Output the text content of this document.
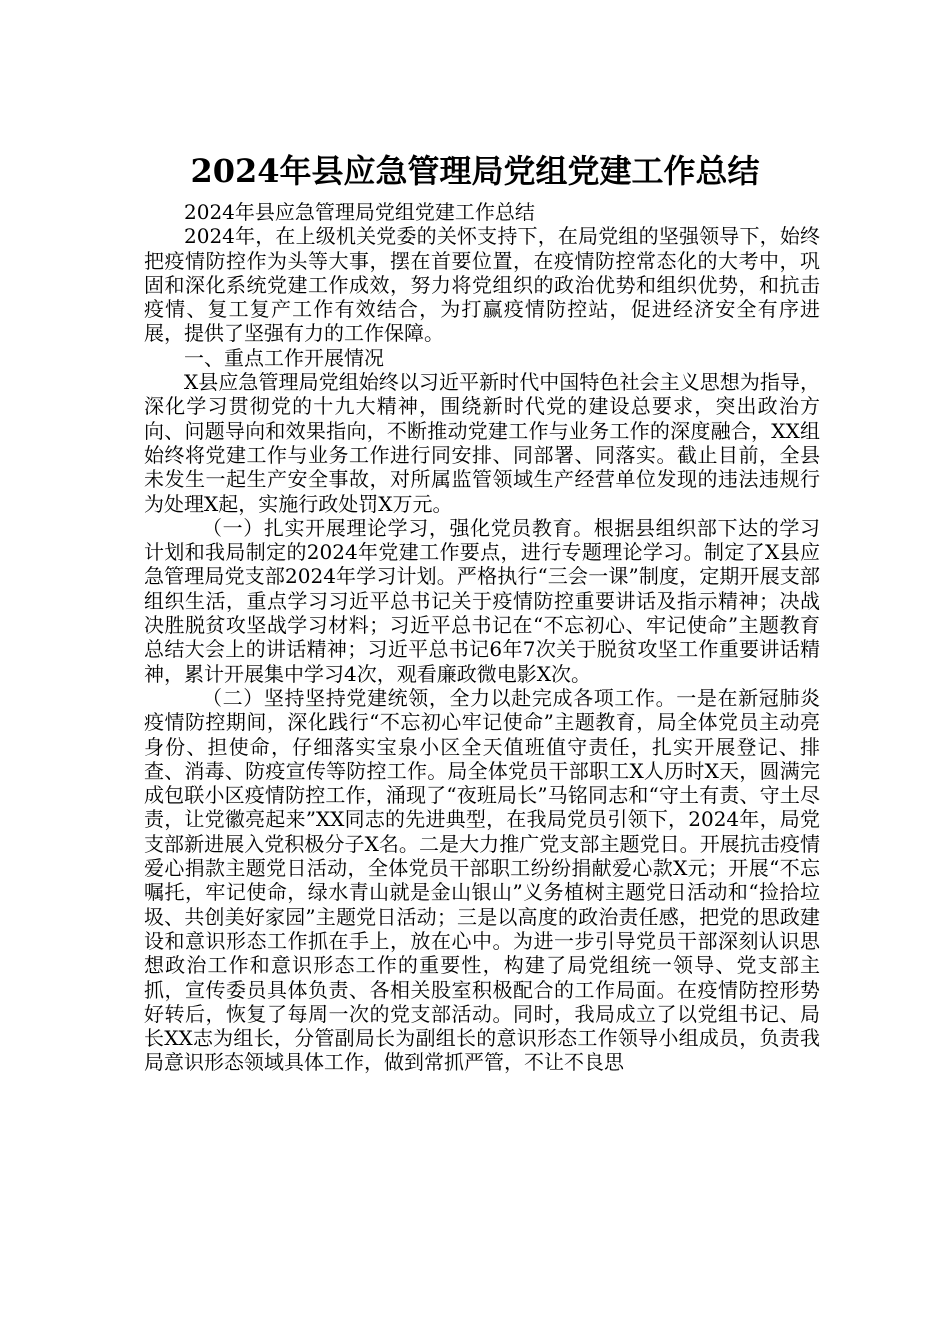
2024年县应急管理局党组党建工作总结

2024年县应急管理局党组党建工作总结

2024年，在上级机关党委的关怀支持下，在局党组的坚强领导下，始终把疫情防控作为头等大事，摆在首要位置，在疫情防控常态化的大考中，巩固和深化系统党建工作成效，努力将党组织的政治优势和组织优势，和抗击疫情、复工复产工作有效结合，为打赢疫情防控站，促进经济安全有序进展，提供了坚强有力的工作保障。

一、重点工作开展情况

X县应急管理局党组始终以习近平新时代中国特色社会主义思想为指导，深化学习贯彻党的十九大精神，围绕新时代党的建设总要求，突出政治方向、问题导向和效果指向，不断推动党建工作与业务工作的深度融合，XX组始终将党建工作与业务工作进行同安排、同部署、同落实。截止目前，全县未发生一起生产安全事故，对所属监管领域生产经营单位发现的违法违规行为处理X起，实施行政处罚X万元。

（一）扎实开展理论学习，强化党员教育。根据县组织部下达的学习计划和我局制定的2024年党建工作要点，进行专题理论学习。制定了X县应急管理局党支部2024年学习计划。严格执行“三会一课”制度，定期开展支部组织生活，重点学习习近平总书记关于疫情防控重要讲话及指示精神；决战决胜脱贫攻坚战学习材料；习近平总书记在“不忘初心、牢记使命”主题教育总结大会上的讲话精神；习近平总书记6年7次关于脱贫攻坚工作重要讲话精神，累计开展集中学习4次，观看廉政微电影X次。

（二）坚持坚持党建统领，全力以赴完成各项工作。一是在新冠肺炎疫情防控期间，深化践行“不忘初心牢记使命”主题教育，局全体党员主动亮身份、担使命，仔细落实宝泉小区全天值班值守责任，扎实开展登记、排查、消毒、防疫宣传等防控工作。局全体党员干部职工X人历时X天，圆满完成包联小区疫情防控工作，涌现了“夜班局长”马铭同志和“守土有责、守土尽责，让党徽亮起来”XX同志的先进典型，在我局党员引领下，2024年，局党支部新进展入党积极分子X名。二是大力推广党支部主题党日。开展抗击疫情爱心捐款主题党日活动，全体党员干部职工纷纷捐献爱心款X元；开展“不忘嘱托，牢记使命，绿水青山就是金山银山”义务植树主题党日活动和“捡拾垃圾、共创美好家园”主题党日活动；三是以高度的政治责任感，把党的思政建设和意识形态工作抓在手上，放在心中。为进一步引导党员干部深刻认识思想政治工作和意识形态工作的重要性，构建了局党组统一领导、党支部主抓，宣传委员具体负责、各相关股室积极配合的工作局面。在疫情防控形势好转后，恢复了每周一次的党支部活动。同时，我局成立了以党组书记、局长XX志为组长，分管副局长为副组长的意识形态工作领导小组成员，负责我局意识形态领域具体工作，做到常抓严管，不让不良思
